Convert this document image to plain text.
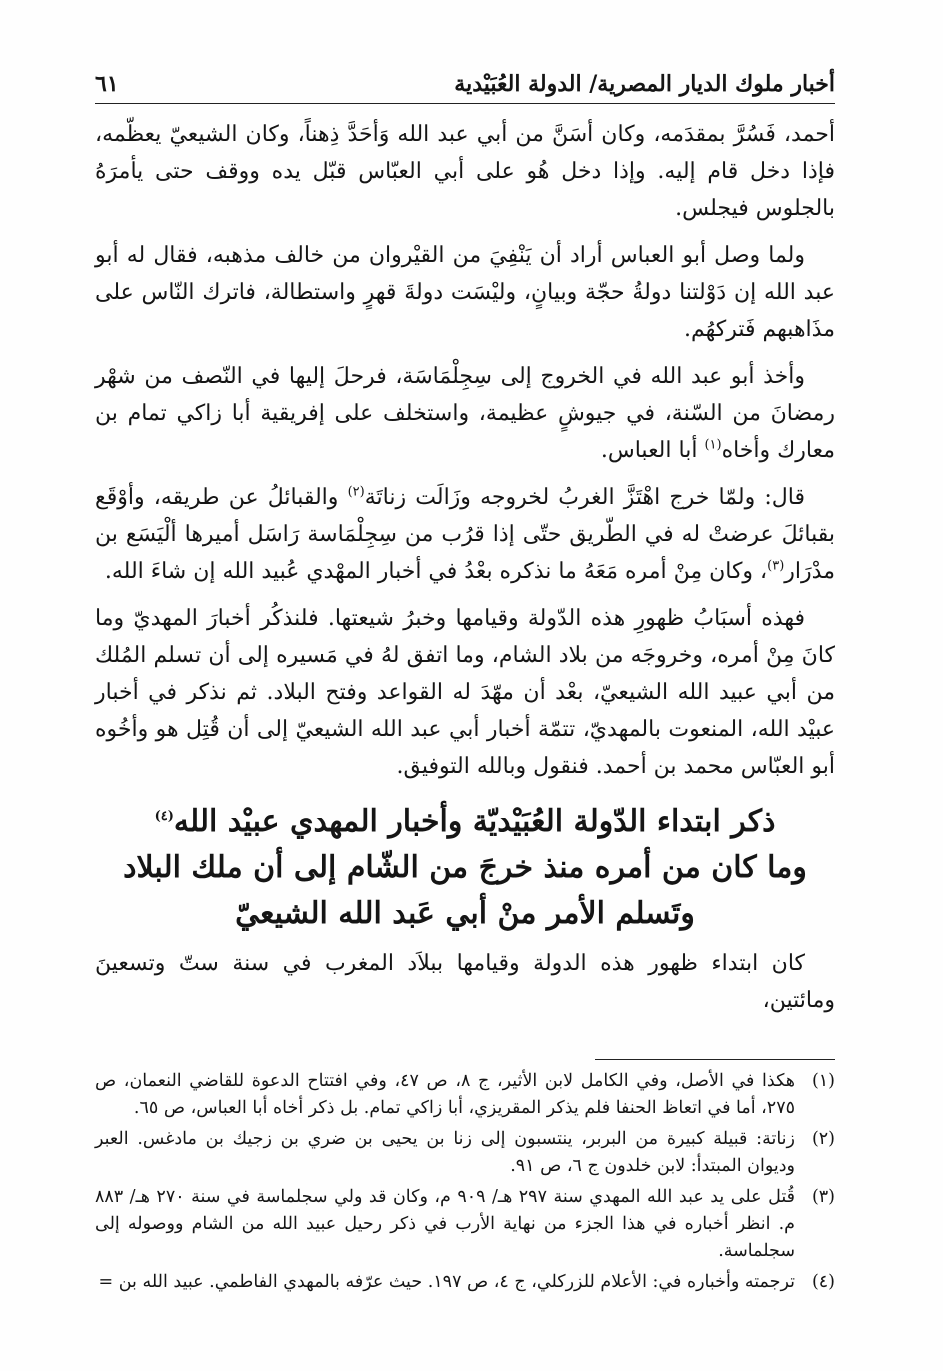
أخبار ملوك الديار المصرية/ الدولة العُبَيْدية
٦١

أحمد، فَسُرَّ بمقدَمه، وكان أسَنَّ من أبي عبد الله وَأحَدَّ ذِهناً، وكان الشيعيّ يعظّمه، فإذا دخل قام إليه. وإذا دخل هُو على أبي العبّاس قبّل يده ووقف حتى يأمرَهُ بالجلوس فيجلس.

ولما وصل أبو العباس أراد أن يَنْفِيَ من القيْروان من خالف مذهبه، فقال له أبو عبد الله إن دَوْلتنا دولةُ حجّة وبيانٍ، وليْسَت دولةَ قهرٍ واستطالة، فاترك النّاس على مذَاهبهم فَتركهُم.

وأخذ أبو عبد الله في الخروج إلى سِجِلْمَاسَة، فرحلَ إليها في النّصف من شهْر رمضانَ من السّنة، في جيوشٍ عظيمة، واستخلف على إفريقية أبا زاكي تمام بن معارك وأخاه$^{(١)}$ أبا العباس.

قال: ولمّا خرج اهْتَزَّ الغربُ لخروجه وزَالَت زناتَة$^{(٢)}$ والقبائلُ عن طريقه، وأوْقَع بقبائلَ عرضتْ له في الطّريق حتّى إذا قرُب من سِجِلْمَاسة رَاسَل أميرها ألْيَسَع بن مدْرَار$^{(٣)}$، وكان مِنْ أمره مَعَهُ ما نذكره بعْدُ في أخبار المهْدي عُبيد الله إن شاءَ الله.

فهذه أسبَابُ ظهورِ هذه الدّولة وقيامها وخبرُ شيعتها. فلنذكُر أخبارَ المهديّ وما كانَ مِنْ أمره، وخروجَه من بلاد الشام، وما اتفق لهُ في مَسيره إلى أن تسلم المُلك من أبي عبيد الله الشيعيّ، بعْد أن مهّدَ له القواعد وفتح البلاد. ثم نذكر في أخبار عبيْد الله، المنعوت بالمهديّ، تتمّة أخبار أبي عبد الله الشيعيّ إلى أن قُتِل هو وأخُوه أبو العبّاس محمد بن أحمد. فنقول وبالله التوفيق.

ذكر ابتداء الدّولة العُبَيْديّة وأخبار المهدي عبيْد الله$^{(٤)}$
وما كان من أمره منذ خرجَ من الشّام إلى أن ملك البلاد
وتَسلم الأمر منْ أبي عَبد الله الشيعيّ

كان ابتداء ظهور هذه الدولة وقيامها ببلاَد المغرب في سنة ستّ وتسعينَ ومائتين،

(١)
هكذا في الأصل، وفي الكامل لابن الأثير، ج ٨، ص ٤٧، وفي افتتاح الدعوة للقاضي النعمان، ص ٢٧٥، أما في اتعاظ الحنفا فلم يذكر المقريزي، أبا زاكي تمام. بل ذكر أخاه أبا العباس، ص ٦٥.
(٢)
زناتة: قبيلة كبيرة من البربر، ينتسبون إلى زنا بن يحيى بن ضري بن زجيك بن مادغس. العبر وديوان المبتدأ: لابن خلدون ج ٦، ص ٩١.
(٣)
قُتل على يد عبد الله المهدي سنة ٢٩٧ هـ/ ٩٠٩ م، وكان قد ولي سجلماسة في سنة ٢٧٠ هـ/ ٨٨٣ م. انظر أخباره في هذا الجزء من نهاية الأرب في ذكر رحيل عبيد الله من الشام ووصوله إلى سجلماسة.
(٤)
ترجمته وأخباره في: الأعلام للزركلي، ج ٤، ص ١٩٧. حيث عرّفه بالمهدي الفاطمي. عبيد الله بن =
